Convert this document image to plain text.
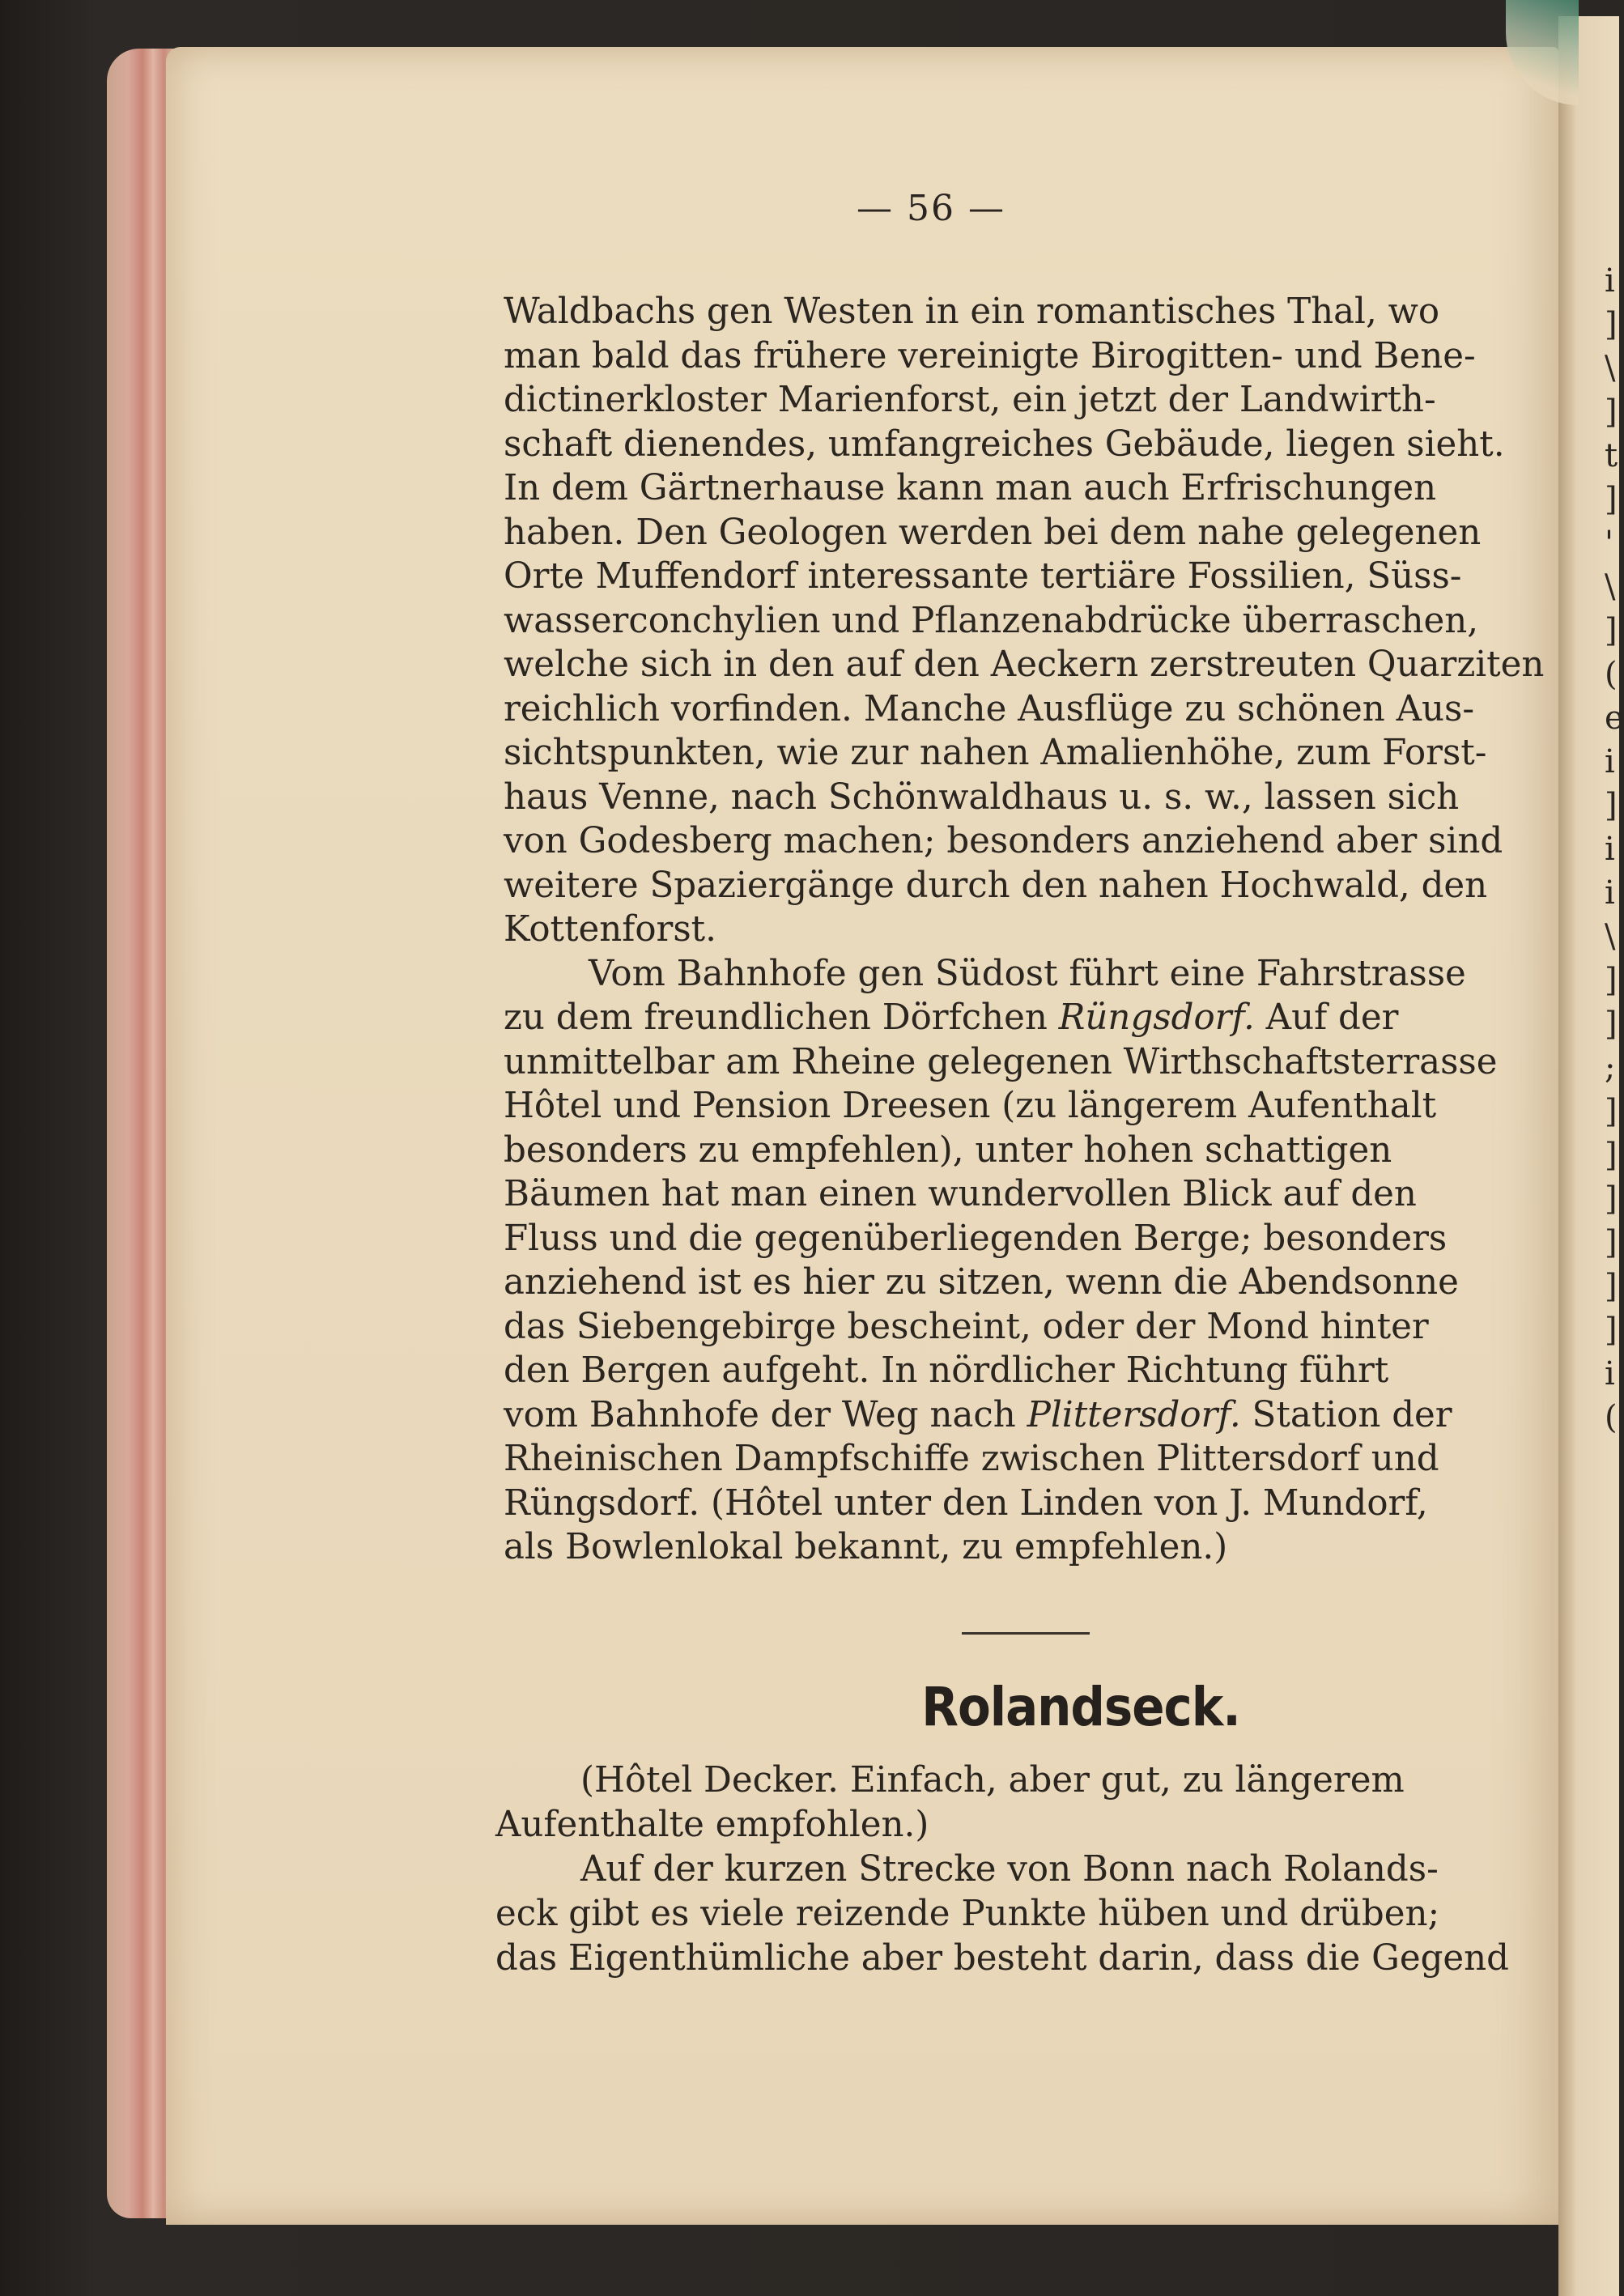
i
]
\
]
t
]
'
\
]
(
e
i
]
i
i
\
]
]
;
]
]
]
]
]
]
i
(
— 56 —
Waldbachs gen Westen in ein romantisches Thal, wo
man bald das frühere vereinigte Birogitten- und Bene-
dictinerkloster Marienforst, ein jetzt der Landwirth-
schaft dienendes, umfangreiches Gebäude, liegen sieht.
In dem Gärtnerhause kann man auch Erfrischungen
haben. Den Geologen werden bei dem nahe gelegenen
Orte Muffendorf interessante tertiäre Fossilien, Süss-
wasserconchylien und Pflanzenabdrücke überraschen,
welche sich in den auf den Aeckern zerstreuten Quarziten
reichlich vorfinden. Manche Ausflüge zu schönen Aus-
sichtspunkten, wie zur nahen Amalienhöhe, zum Forst-
haus Venne, nach Schönwaldhaus u. s. w., lassen sich
von Godesberg machen; besonders anziehend aber sind
weitere Spaziergänge durch den nahen Hochwald, den
Kottenforst.
Vom Bahnhofe gen Südost führt eine Fahrstrasse
zu dem freundlichen Dörfchen Rüngsdorf. Auf der
unmittelbar am Rheine gelegenen Wirthschaftsterrasse
Hôtel und Pension Dreesen (zu längerem Aufenthalt
besonders zu empfehlen), unter hohen schattigen
Bäumen hat man einen wundervollen Blick auf den
Fluss und die gegenüberliegenden Berge; besonders
anziehend ist es hier zu sitzen, wenn die Abendsonne
das Siebengebirge bescheint, oder der Mond hinter
den Bergen aufgeht. In nördlicher Richtung führt
vom Bahnhofe der Weg nach Plittersdorf. Station der
Rheinischen Dampfschiffe zwischen Plittersdorf und
Rüngsdorf. (Hôtel unter den Linden von J. Mundorf,
als Bowlenlokal bekannt, zu empfehlen.)
Rolandseck.
(Hôtel Decker. Einfach, aber gut, zu längerem
Aufenthalte empfohlen.)
Auf der kurzen Strecke von Bonn nach Rolands-
eck gibt es viele reizende Punkte hüben und drüben;
das Eigenthümliche aber besteht darin, dass die Gegend
